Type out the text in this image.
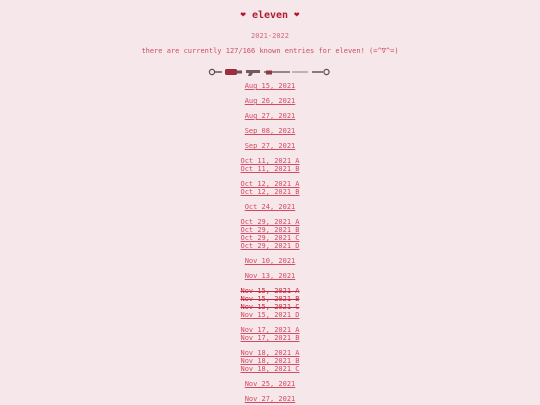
❤ eleven ❤
2021-2022
there are currently 127/166 known entries for eleven! (=^∇^=)
Aug 15, 2021
Aug 26, 2021
Aug 27, 2021
Sep 08, 2021
Sep 27, 2021
Oct 11, 2021 A
Oct 11, 2021 B
Oct 12, 2021 A
Oct 12, 2021 B
Oct 24, 2021
Oct 29, 2021 A
Oct 29, 2021 B
Oct 29, 2021 C
Oct 29, 2021 D
Nov 10, 2021
Nov 13, 2021
Nov 15, 2021 A
Nov 15, 2021 B
Nov 15, 2021 C
Nov 15, 2021 D
Nov 17, 2021 A
Nov 17, 2021 B
Nov 18, 2021 A
Nov 18, 2021 B
Nov 18, 2021 C
Nov 25, 2021
Nov 27, 2021
